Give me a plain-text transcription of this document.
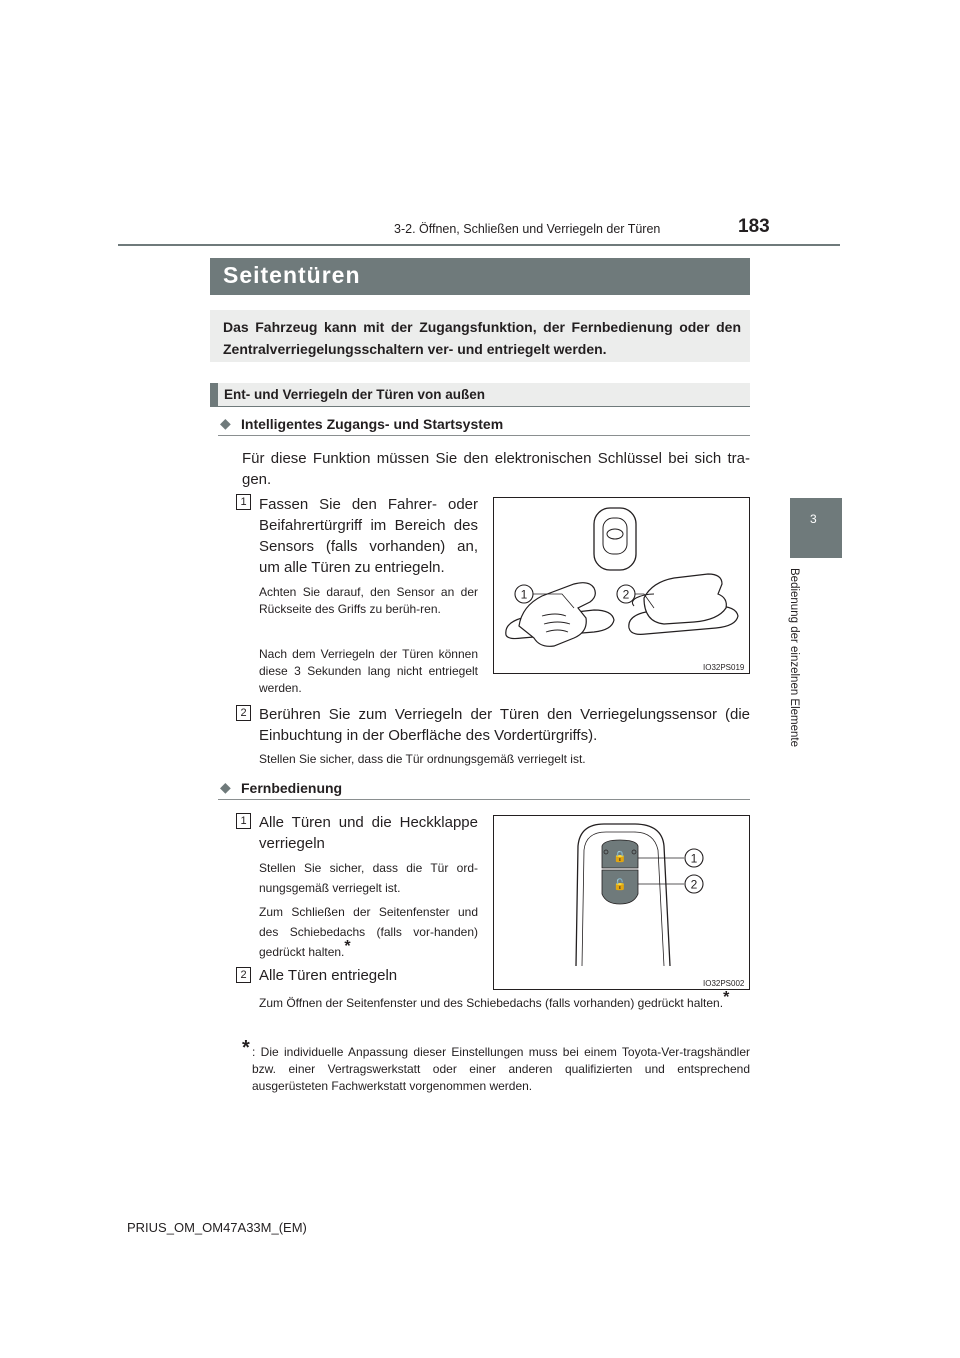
3-2. Öffnen, Schließen und Verriegeln der Türen	183
3
Bedienung der einzelnen Elemente
Seitentüren
Das Fahrzeug kann mit der Zugangsfunktion, der Fernbedienung oder den Zentralverriegelungsschaltern ver- und entriegelt werden.
Ent- und Verriegeln der Türen von außen
◆ Intelligentes Zugangs- und Startsystem
Für diese Funktion müssen Sie den elektronischen Schlüssel bei sich tra-gen.
1 Fassen Sie den Fahrer- oder Beifahrertürgriff im Bereich des Sensors (falls vorhanden) an, um alle Türen zu entriegeln.
Achten Sie darauf, den Sensor an der Rückseite des Griffs zu berüh-ren.
Nach dem Verriegeln der Türen können diese 3 Sekunden lang nicht entriegelt werden.
1	2
IO32PS019
2 Berühren Sie zum Verriegeln der Türen den Verriegelungssensor (die Einbuchtung in der Oberfläche des Vordertürgriffs).
Stellen Sie sicher, dass die Tür ordnungsgemäß verriegelt ist.
◆ Fernbedienung
1 Alle Türen und die Heckklappe verriegeln
Stellen Sie sicher, dass die Tür ord-nungsgemäß verriegelt ist.
Zum Schließen der Seitenfenster und des Schiebedachs (falls vor-handen) gedrückt halten.*
🔒
🔓
1
2
IO32PS002
2 Alle Türen entriegeln
Zum Öffnen der Seitenfenster und des Schiebedachs (falls vorhanden) gedrückt halten.*
* : Die individuelle Anpassung dieser Einstellungen muss bei einem Toyota-Ver-tragshändler bzw. einer Vertragswerkstatt oder einer anderen qualifizierten und entsprechend ausgerüsteten Fachwerkstatt vorgenommen werden.
PRIUS_OM_OM47A33M_(EM)
